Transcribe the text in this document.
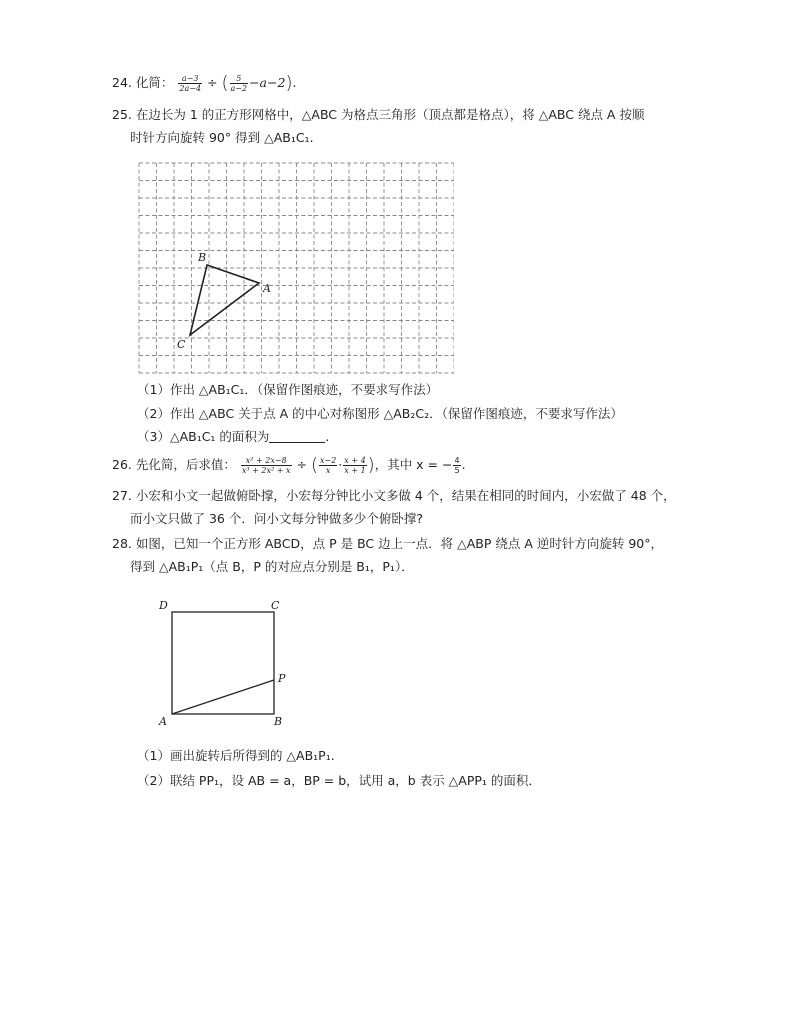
24. 化简： $\frac{a-3}{2a-4}$ ÷ ( $\frac{5}{a-2} -a-2$).
25. 在边长为 1 的正方形网格中，△ABC 为格点三角形（顶点都是格点），将 △ABC 绕点 A 按顺
时针方向旋转 90° 得到 △AB₁C₁.
B
A
C
（1）作出 △AB₁C₁．（保留作图痕迹，不要求写作法）
（2）作出 △ABC 关于点 A 的中心对称图形 △AB₂C₂．（保留作图痕迹，不要求写作法）
（3）△AB₁C₁ 的面积为	.
26. 先化简，后求值： $\frac{\text{x² + 2x−8}}{\text{x³ + 2x² + x}}$ ÷ ( $\frac{x-2}{x} \cdot \frac{x + 4}{x + 1}$ )，其中 x = − $\frac{4}{5}$ .
27. 小宏和小文一起做俯卧撑，小宏每分钟比小文多做 4 个，结果在相同的时间内，小宏做了 48 个，
而小文只做了 36 个．问小文每分钟做多少个俯卧撑?
28. 如图，已知一个正方形 ABCD，点 P 是 BC 边上一点．将 △ABP 绕点 A 逆时针方向旋转 90°，
得到 △AB₁P₁（点 B，P 的对应点分别是 B₁，P₁）．
D	C
P
A	B
（1）画出旋转后所得到的 △AB₁P₁.
（2）联结 PP₁，设 AB = a，BP = b，试用 a，b 表示 △APP₁ 的面积．
